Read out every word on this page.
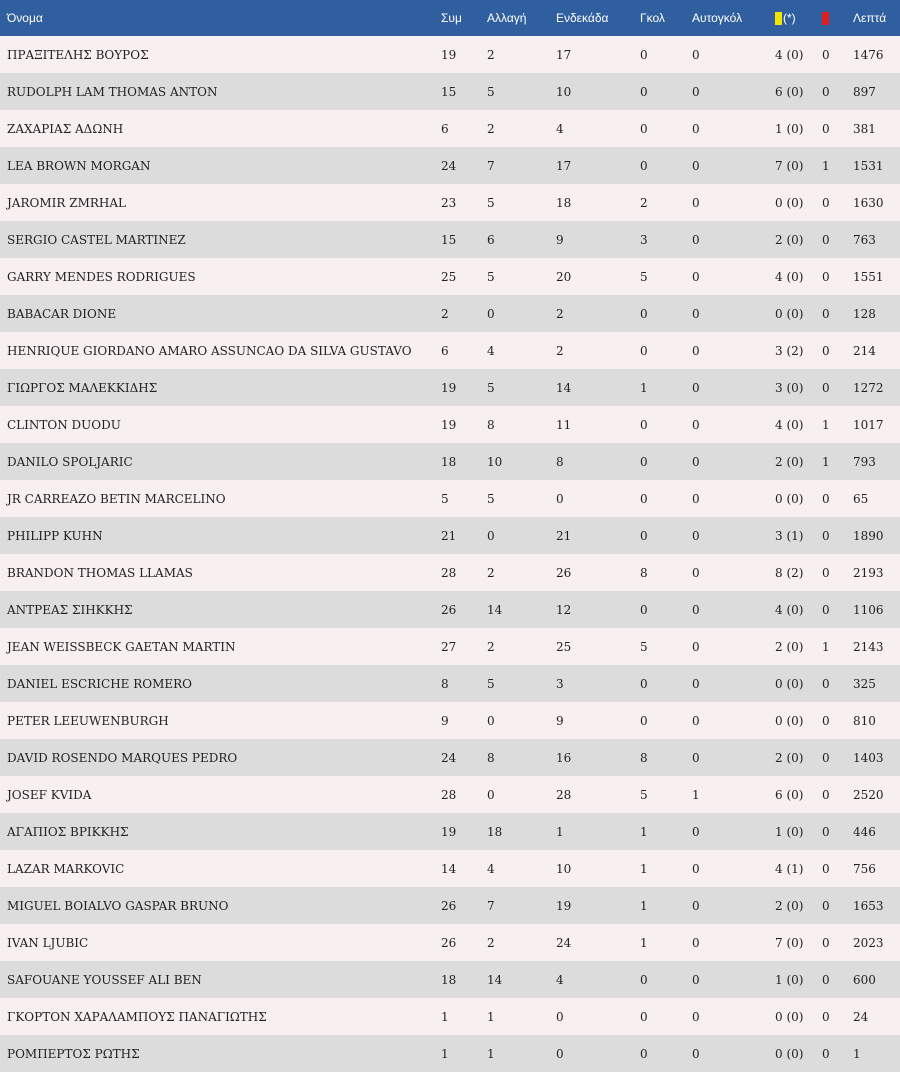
Όνομα	Συμ	Αλλαγή	Ενδεκάδα	Γκολ	Αυτογκόλ	(*)		Λεπτά
ΠΡΑΞΙΤΕΛΗΣ ΒΟΥΡΟΣ	19	2	17	0	0	4 (0)	0	1476
RUDOLPH LAM THOMAS ANTON	15	5	10	0	0	6 (0)	0	897
ΖΑΧΑΡΙΑΣ ΑΔΩΝΗ	6	2	4	0	0	1 (0)	0	381
LEA BROWN MORGAN	24	7	17	0	0	7 (0)	1	1531
JAROMIR ZMRHAL	23	5	18	2	0	0 (0)	0	1630
SERGIO CASTEL MARTINEZ	15	6	9	3	0	2 (0)	0	763
GARRY MENDES RODRIGUES	25	5	20	5	0	4 (0)	0	1551
BABACAR DIONE	2	0	2	0	0	0 (0)	0	128
HENRIQUE GIORDANO AMARO ASSUNCAO DA SILVA GUSTAVO	6	4	2	0	0	3 (2)	0	214
ΓΙΩΡΓΟΣ ΜΑΛΕΚΚΙΔΗΣ	19	5	14	1	0	3 (0)	0	1272
CLINTON DUODU	19	8	11	0	0	4 (0)	1	1017
DANILO SPOLJARIC	18	10	8	0	0	2 (0)	1	793
JR CARREAZO BETIN MARCELINO	5	5	0	0	0	0 (0)	0	65
PHILIPP KUHN	21	0	21	0	0	3 (1)	0	1890
BRANDON THOMAS LLAMAS	28	2	26	8	0	8 (2)	0	2193
ΑΝΤΡΕΑΣ ΣΙΗΚΚΗΣ	26	14	12	0	0	4 (0)	0	1106
JEAN WEISSBECK GAETAN MARTIN	27	2	25	5	0	2 (0)	1	2143
DANIEL ESCRICHE ROMERO	8	5	3	0	0	0 (0)	0	325
PETER LEEUWENBURGH	9	0	9	0	0	0 (0)	0	810
DAVID ROSENDO MARQUES PEDRO	24	8	16	8	0	2 (0)	0	1403
JOSEF KVIDA	28	0	28	5	1	6 (0)	0	2520
ΑΓΑΠΙΟΣ ΒΡΙΚΚΗΣ	19	18	1	1	0	1 (0)	0	446
LAZAR MARKOVIC	14	4	10	1	0	4 (1)	0	756
MIGUEL BOIALVO GASPAR BRUNO	26	7	19	1	0	2 (0)	0	1653
IVAN LJUBIC	26	2	24	1	0	7 (0)	0	2023
SAFOUANE YOUSSEF ALI BEN	18	14	4	0	0	1 (0)	0	600
ΓΚΟΡΤΟΝ ΧΑΡΑΛΑΜΠΟΥΣ ΠΑΝΑΓΙΩΤΗΣ	1	1	0	0	0	0 (0)	0	24
ΡΟΜΠΕΡΤΟΣ ΡΩΤΗΣ	1	1	0	0	0	0 (0)	0	1
